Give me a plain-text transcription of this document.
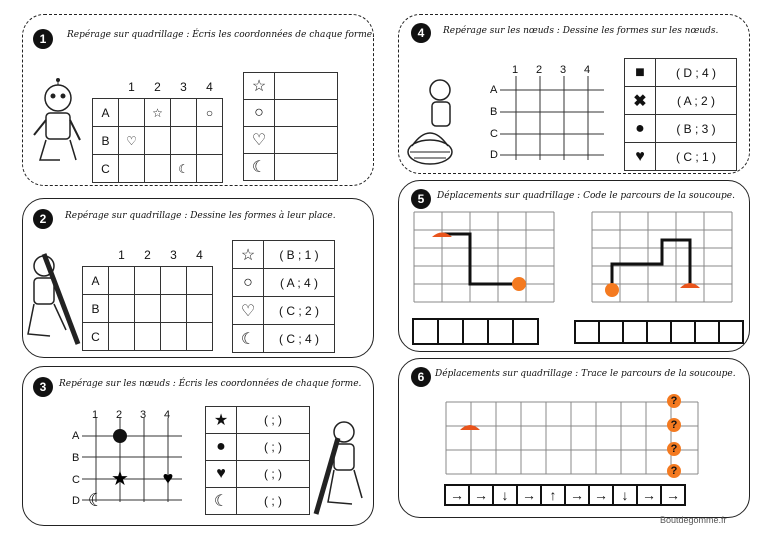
1	Repérage sur quadrillage : Écris les coordonnées de chaque forme.
	1	2	3	4
A		☆		○
B	♡			
C			☾	
☆	
○	
♡	
☾	
2	Repérage sur quadrillage : Dessine les formes à leur place.
	1	2	3	4
A				
B				
C				
☆	( B ; 1 )
○	( A ; 4 )
♡	( C ; 2 )
☾	( C ; 4 )
3	Repérage sur les nœuds : Écris les coordonnées de chaque forme.
1 2 3 4
A
B
C
D
★ ♥
☾
★	( ; )
●	( ; )
♥	( ; )
☾	( ; )
4	Repérage sur les nœuds : Dessine les formes sur les nœuds.
1 2 3 4
A
B
C
D
■	( D ; 4 )
✖	( A ; 2 )
●	( B ; 3 )
♥	( C ; 1 )
5	Déplacements sur quadrillage : Code le parcours de la soucoupe.
6	Déplacements sur quadrillage : Trace le parcours de la soucoupe.
?
?
?
?
→ → ↓ → ↑ → → ↓ → →
Boutdegomme.fr
